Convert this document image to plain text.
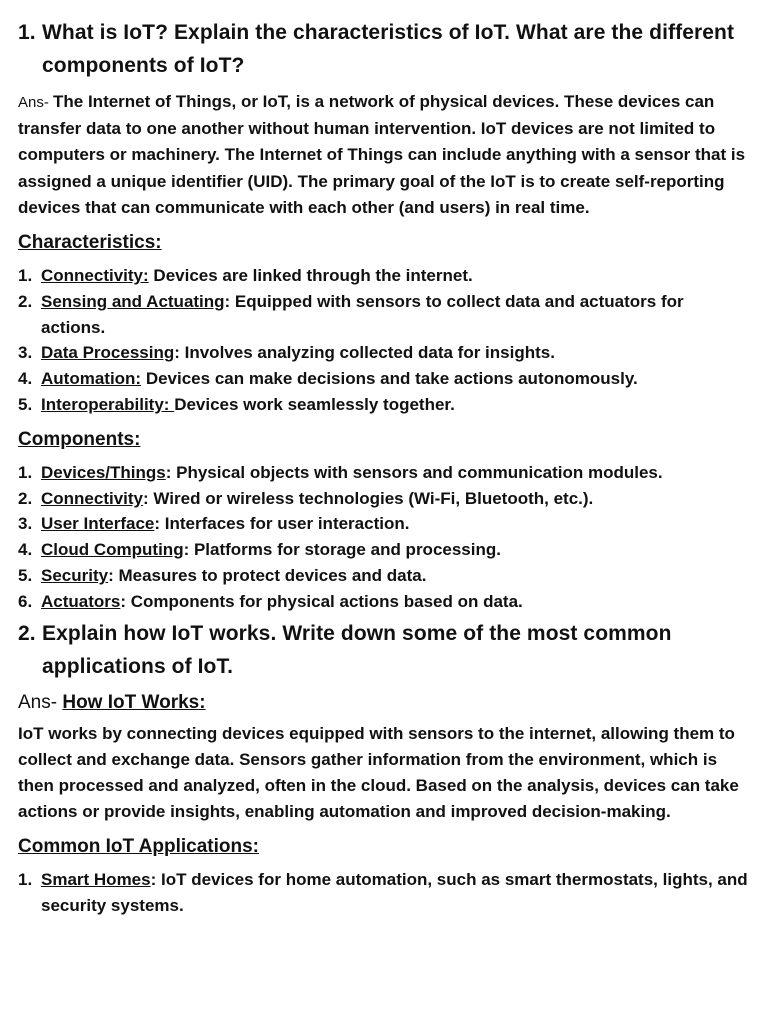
1. What is IoT? Explain the characteristics of IoT. What are the different components of IoT?
Ans- The Internet of Things, or IoT, is a network of physical devices. These devices can transfer data to one another without human intervention. IoT devices are not limited to computers or machinery. The Internet of Things can include anything with a sensor that is assigned a unique identifier (UID). The primary goal of the IoT is to create self-reporting devices that can communicate with each other (and users) in real time.
Characteristics:
1. Connectivity: Devices are linked through the internet.
2. Sensing and Actuating: Equipped with sensors to collect data and actuators for actions.
3. Data Processing: Involves analyzing collected data for insights.
4. Automation: Devices can make decisions and take actions autonomously.
5. Interoperability: Devices work seamlessly together.
Components:
1. Devices/Things: Physical objects with sensors and communication modules.
2. Connectivity: Wired or wireless technologies (Wi-Fi, Bluetooth, etc.).
3. User Interface: Interfaces for user interaction.
4. Cloud Computing: Platforms for storage and processing.
5. Security: Measures to protect devices and data.
6. Actuators: Components for physical actions based on data.
2. Explain how IoT works. Write down some of the most common applications of IoT.
Ans- How IoT Works:
IoT works by connecting devices equipped with sensors to the internet, allowing them to collect and exchange data. Sensors gather information from the environment, which is then processed and analyzed, often in the cloud. Based on the analysis, devices can take actions or provide insights, enabling automation and improved decision-making.
Common IoT Applications:
1. Smart Homes: IoT devices for home automation, such as smart thermostats, lights, and security systems.
